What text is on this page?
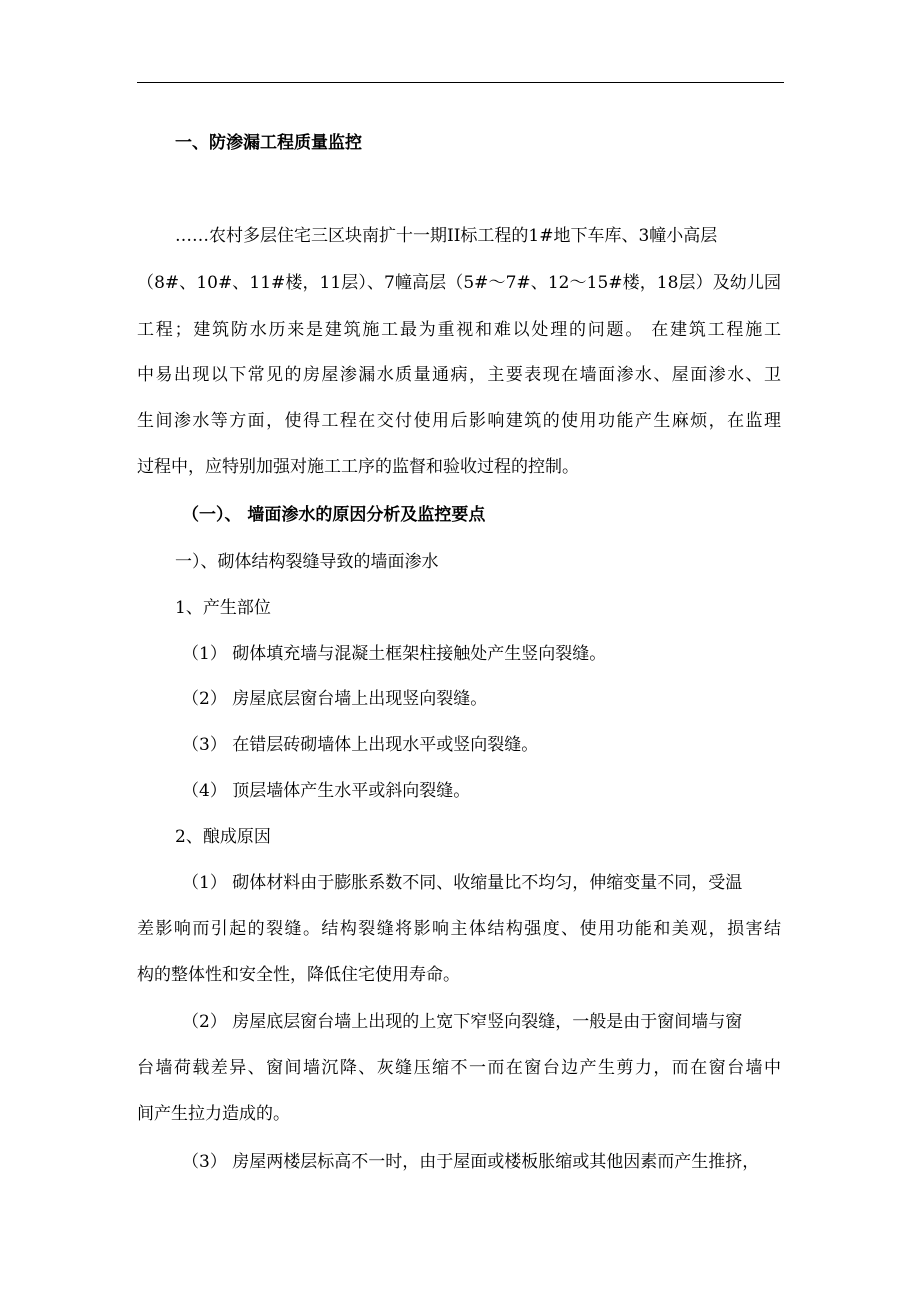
一、防渗漏工程质量监控
……农村多层住宅三区块南扩十一期II标工程的1#地下车库、3幢小高层
（8#、10#、11#楼，11层）、7幢高层（5#～7#、12～15#楼，18层）及幼儿园
工程；建筑防水历来是建筑施工最为重视和难以处理的问题。 在建筑工程施工
中易出现以下常见的房屋渗漏水质量通病，主要表现在墙面渗水、屋面渗水、卫
生间渗水等方面，使得工程在交付使用后影响建筑的使用功能产生麻烦，在监理
过程中，应特别加强对施工工序的监督和验收过程的控制。
（一）、 墙面渗水的原因分析及监控要点
一）、砌体结构裂缝导致的墙面渗水
1、产生部位
（1） 砌体填充墙与混凝土框架柱接触处产生竖向裂缝。
（2） 房屋底层窗台墙上出现竖向裂缝。
（3） 在错层砖砌墙体上出现水平或竖向裂缝。
（4） 顶层墙体产生水平或斜向裂缝。
2、酿成原因
（1） 砌体材料由于膨胀系数不同、收缩量比不均匀，伸缩变量不同，受温
差影响而引起的裂缝。结构裂缝将影响主体结构强度、使用功能和美观，损害结
构的整体性和安全性，降低住宅使用寿命。
（2） 房屋底层窗台墙上出现的上宽下窄竖向裂缝，一般是由于窗间墙与窗
台墙荷载差异、窗间墙沉降、灰缝压缩不一而在窗台边产生剪力，而在窗台墙中
间产生拉力造成的。
（3） 房屋两楼层标高不一时，由于屋面或楼板胀缩或其他因素而产生推挤，
